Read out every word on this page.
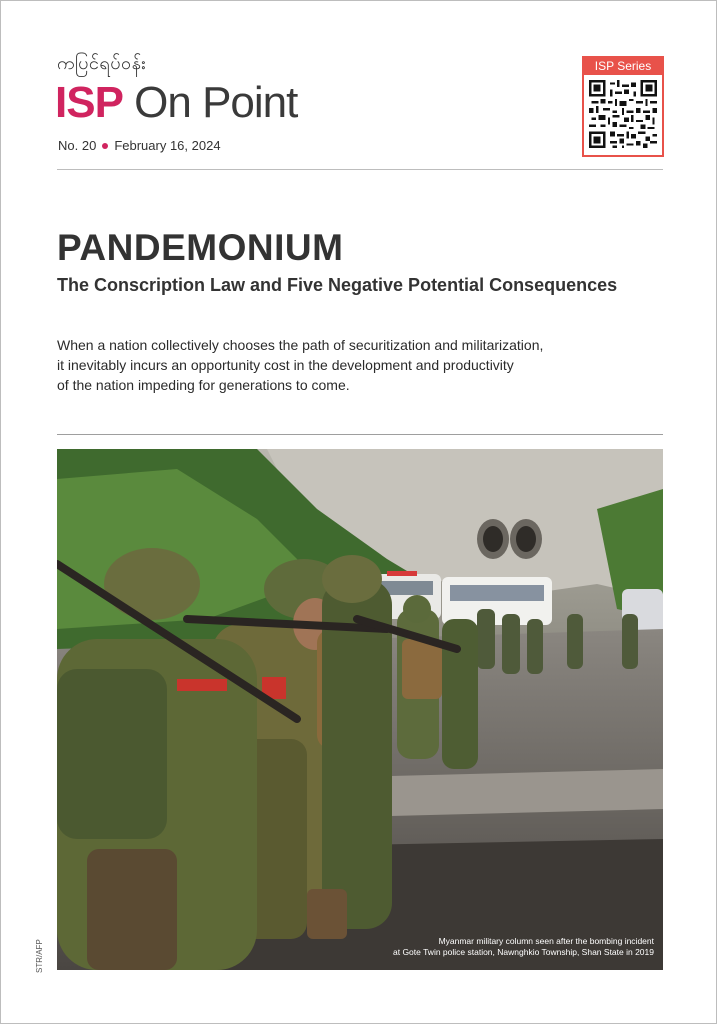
ကပြင်ရပ်ဝန်း
ISP On Point
No. 20 February 16, 2024
ISP Series
PANDEMONIUM
The Conscription Law and Five Negative Potential Consequences
When a nation collectively chooses the path of securitization and militarization,
it inevitably incurs an opportunity cost in the development and productivity
of the nation impeding for generations to come.
STR/AFP	Myanmar military column seen after the bombing incident
at Gote Twin police station, Nawnghkio Township, Shan State in 2019
